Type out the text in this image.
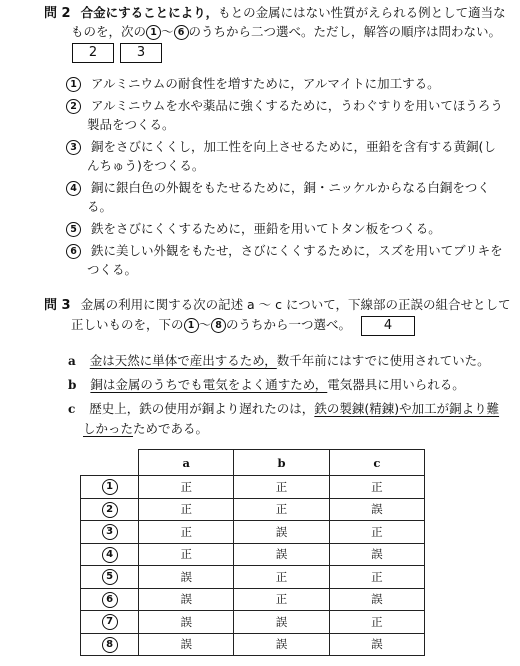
問 2 合金にすることにより，もとの金属にはない性質がえられる例として適当な
ものを，次の 1 〜 6 のうちから二つ選べ。ただし，解答の順序は問わない。
2	3
1 アルミニウムの耐食性を増すために，アルマイトに加工する。
2 アルミニウムを水や薬品に強くするために，うわぐすりを用いてほうろう
製品をつくる。
3 銅をさびにくくし，加工性を向上させるために，亜鉛を含有する黄銅(し
んちゅう)をつくる。
4 銅に銀白色の外観をもたせるために，銅・ニッケルからなる白銅をつく
る。
5 鉄をさびにくくするために，亜鉛を用いてトタン板をつくる。
6 鉄に美しい外観をもたせ，さびにくくするために，スズを用いてブリキを
つくる。
問 3 金属の利用に関する次の記述 a 〜 c について，下線部の正誤の組合せとして
正しいものを，下の 1 〜 8 のうちから一つ選べ。	4
a 金は天然に単体で産出するため，数千年前にはすでに使用されていた。
b 銅は金属のうちでも電気をよく通すため，電気器具に用いられる。
c 歴史上，鉄の使用が銅より遅れたのは，鉄の製錬(精錬)や加工が銅より難
しかったためである。
	a	b	c
1	正	正	正
2	正	正	誤
3	正	誤	正
4	正	誤	誤
5	誤	正	正
6	誤	正	誤
7	誤	誤	正
8	誤	誤	誤
